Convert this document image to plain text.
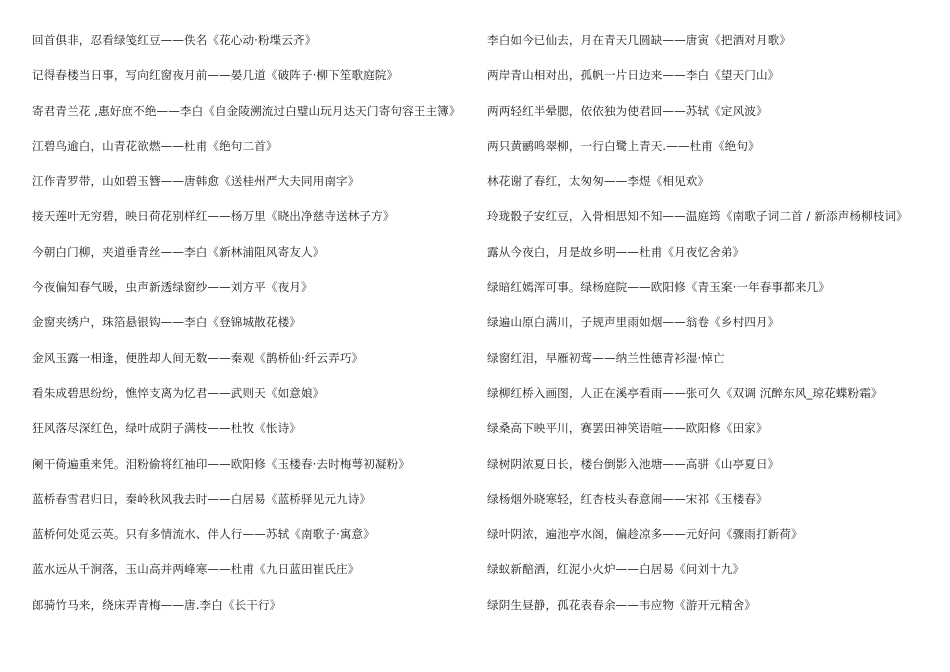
回首俱非，忍看绿笺红豆——佚名《花心动·粉堞云齐》
记得春楼当日事，写向红窗夜月前——晏几道《破阵子·柳下笙歌庭院》
寄君青兰花 ,惠好庶不绝——李白《自金陵溯流过白璧山玩月达天门寄句容王主簿》
江碧鸟逾白，山青花欲燃——杜甫《绝句二首》
江作青罗带，山如碧玉簪——唐韩愈《送桂州严大夫同用南字》
接天莲叶无穷碧，映日荷花别样红——杨万里《晓出净慈寺送林子方》
今朝白门柳，夹道垂青丝——李白《新林浦阻风寄友人》
今夜偏知春气暖，虫声新透绿窗纱——刘方平《夜月》
金窗夹绣户，珠箔悬银钩——李白《登锦城散花楼》
金风玉露一相逢，便胜却人间无数——秦观《鹊桥仙·纤云弄巧》
看朱成碧思纷纷，憔悴支离为忆君——武则天《如意娘》
狂风落尽深红色，绿叶成阴子满枝——杜牧《怅诗》
阑干倚遍重来凭。泪粉偷将红袖印——欧阳修《玉楼春·去时梅萼初凝粉》
蓝桥春雪君归日，秦岭秋风我去时——白居易《蓝桥驿见元九诗》
蓝桥何处觅云英。只有多情流水、伴人行——苏轼《南歌子·寓意》
蓝水远从千涧落，玉山高并两峰寒——杜甫《九日蓝田崔氏庄》
郎骑竹马来，绕床弄青梅——唐.李白《长干行》
李白如今已仙去，月在青天几圆缺——唐寅《把酒对月歌》
两岸青山相对出，孤帆一片日边来——李白《望天门山》
两两轻红半晕腮，依依独为使君回——苏轼《定风波》
两只黄鹂鸣翠柳，一行白鹭上青天.——杜甫《绝句》
林花谢了春红，太匆匆——李煜《相见欢》
玲珑骰子安红豆，入骨相思知不知——温庭筠《南歌子词二首 / 新添声杨柳枝词》
露从今夜白，月是故乡明——杜甫《月夜忆舍弟》
绿暗红嫣浑可事。绿杨庭院——欧阳修《青玉案·一年春事都来几》
绿遍山原白满川，子规声里雨如烟——翁卷《乡村四月》
绿窗红泪，早雁初莺——纳兰性德青衫湿·悼亡
绿柳红桥入画图，人正在溪亭看雨——张可久《双调 沉醉东风_琼花蝶粉霜》
绿桑高下映平川，赛罢田神笑语喧——欧阳修《田家》
绿树阴浓夏日长，楼台倒影入池塘——高骈《山亭夏日》
绿杨烟外晓寒轻，红杏枝头春意闹——宋祁《玉楼春》
绿叶阴浓，遍池亭水阁，偏趁凉多——元好问《骤雨打新荷》
绿蚁新醅酒，红泥小火炉——白居易《问刘十九》
绿阴生昼静，孤花表春余——韦应物《游开元精舍》
